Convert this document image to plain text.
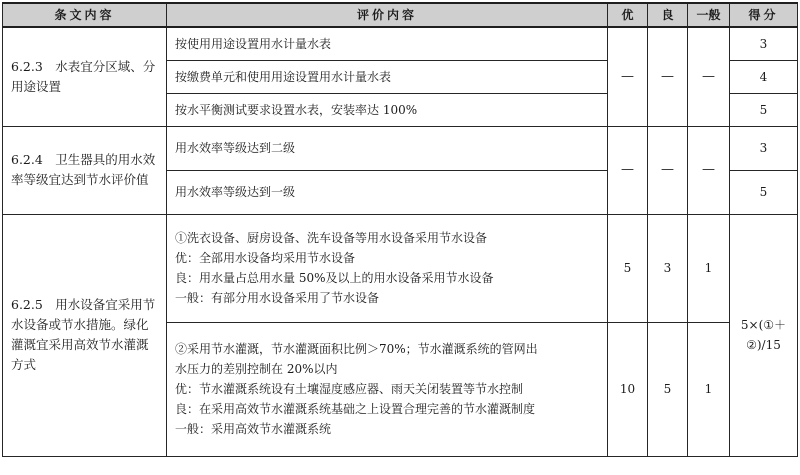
条文内容	评价内容	优	良	一般	得分
6.2.3　水表宜分区域、分用途设置	按使用用途设置用水计量水表	—	—	—	3
	按缴费单元和使用用途设置用水计量水表				4
	按水平衡测试要求设置水表，安装率达 100%				5
6.2.4　卫生器具的用水效率等级宜达到节水评价值	用水效率等级达到二级	—	—	—	3
	用水效率等级达到一级				5
6.2.5　用水设备宜采用节水设备或节水措施。绿化灌溉宜采用高效节水灌溉方式	①洗衣设备、厨房设备、洗车设备等用水设备采用节水设备
优：全部用水设备均采用节水设备
良：用水量占总用水量 50%及以上的用水设备采用节水设备
一般：有部分用水设备采用了节水设备	5	3	1	5×(①＋②)/15

	②采用节水灌溉，节水灌溉面积比例＞70%；节水灌溉系统的管网出
水压力的差别控制在 20%以内
优：节水灌溉系统设有土壤湿度感应器、雨天关闭装置等节水控制
良：在采用高效节水灌溉系统基础之上设置合理完善的节水灌溉制度
一般：采用高效节水灌溉系统	10	5	1	
